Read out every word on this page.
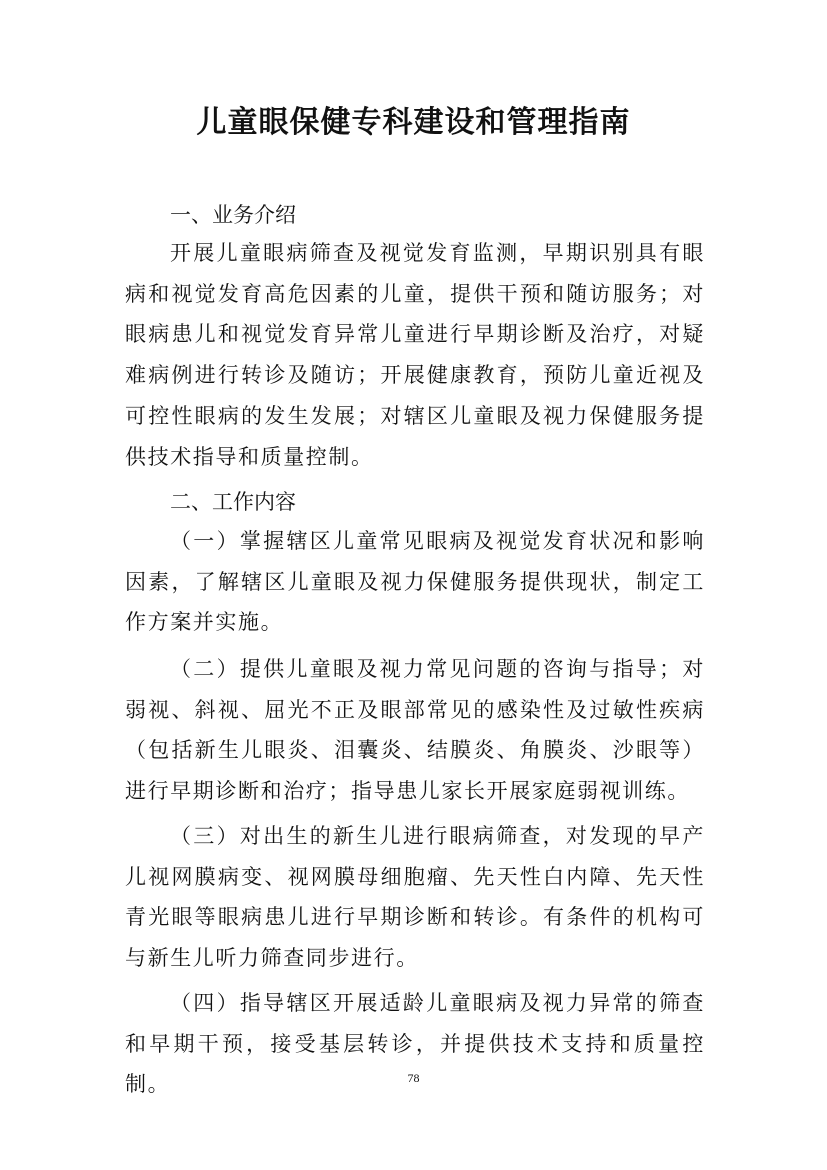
儿童眼保健专科建设和管理指南
一、业务介绍

开展儿童眼病筛查及视觉发育监测，早期识别具有眼病和视觉发育高危因素的儿童，提供干预和随访服务；对眼病患儿和视觉发育异常儿童进行早期诊断及治疗，对疑难病例进行转诊及随访；开展健康教育，预防儿童近视及可控性眼病的发生发展；对辖区儿童眼及视力保健服务提供技术指导和质量控制。

二、工作内容

（一）掌握辖区儿童常见眼病及视觉发育状况和影响因素，了解辖区儿童眼及视力保健服务提供现状，制定工作方案并实施。

（二）提供儿童眼及视力常见问题的咨询与指导；对弱视、斜视、屈光不正及眼部常见的感染性及过敏性疾病（包括新生儿眼炎、泪囊炎、结膜炎、角膜炎、沙眼等）进行早期诊断和治疗；指导患儿家长开展家庭弱视训练。

（三）对出生的新生儿进行眼病筛查，对发现的早产儿视网膜病变、视网膜母细胞瘤、先天性白内障、先天性青光眼等眼病患儿进行早期诊断和转诊。有条件的机构可与新生儿听力筛查同步进行。

（四）指导辖区开展适龄儿童眼病及视力异常的筛查和早期干预，接受基层转诊，并提供技术支持和质量控制。	78
